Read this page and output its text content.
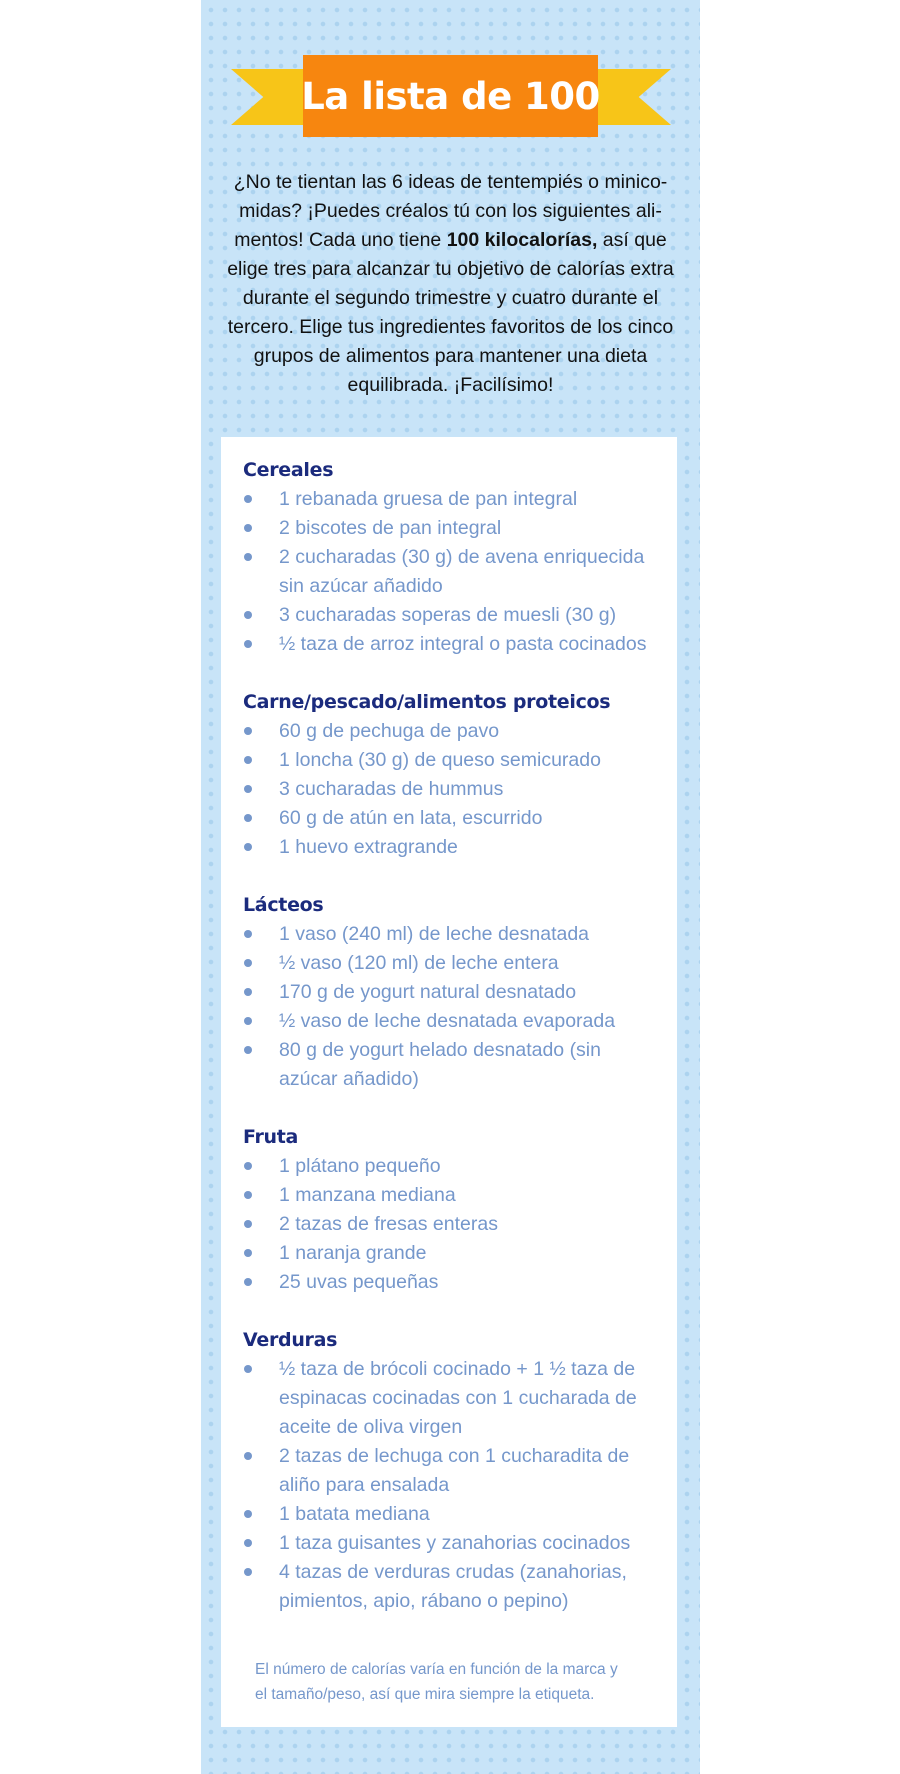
La lista de 100

¿No te tientan las 6 ideas de tentempiés o minico-
midas? ¡Puedes créalos tú con los siguientes ali-
mentos! Cada uno tiene 100 kilocalorías, así que
elige tres para alcanzar tu objetivo de calorías extra
durante el segundo trimestre y cuatro durante el
tercero. Elige tus ingredientes favoritos de los cinco
grupos de alimentos para mantener una dieta
equilibrada. ¡Facilísimo!

Cereales
1 rebanada gruesa de pan integral
2 biscotes de pan integral
2 cucharadas (30 g) de avena enriquecida
sin azúcar añadido
3 cucharadas soperas de muesli (30 g)
½ taza de arroz integral o pasta cocinados
Carne/pescado/alimentos proteicos
60 g de pechuga de pavo
1 loncha (30 g) de queso semicurado
3 cucharadas de hummus
60 g de atún en lata, escurrido
1 huevo extragrande
Lácteos
1 vaso (240 ml) de leche desnatada
½ vaso (120 ml) de leche entera
170 g de yogurt natural desnatado
½ vaso de leche desnatada evaporada
80 g de yogurt helado desnatado (sin
azúcar añadido)
Fruta
1 plátano pequeño
1 manzana mediana
2 tazas de fresas enteras
1 naranja grande
25 uvas pequeñas
Verduras
½ taza de brócoli cocinado + 1 ½ taza de
espinacas cocinadas con 1 cucharada de
aceite de oliva virgen
2 tazas de lechuga con 1 cucharadita de
aliño para ensalada
1 batata mediana
1 taza guisantes y zanahorias cocinados
4 tazas de verduras crudas (zanahorias,
pimientos, apio, rábano o pepino)
El número de calorías varía en función de la marca y
el tamaño/peso, así que mira siempre la etiqueta.
